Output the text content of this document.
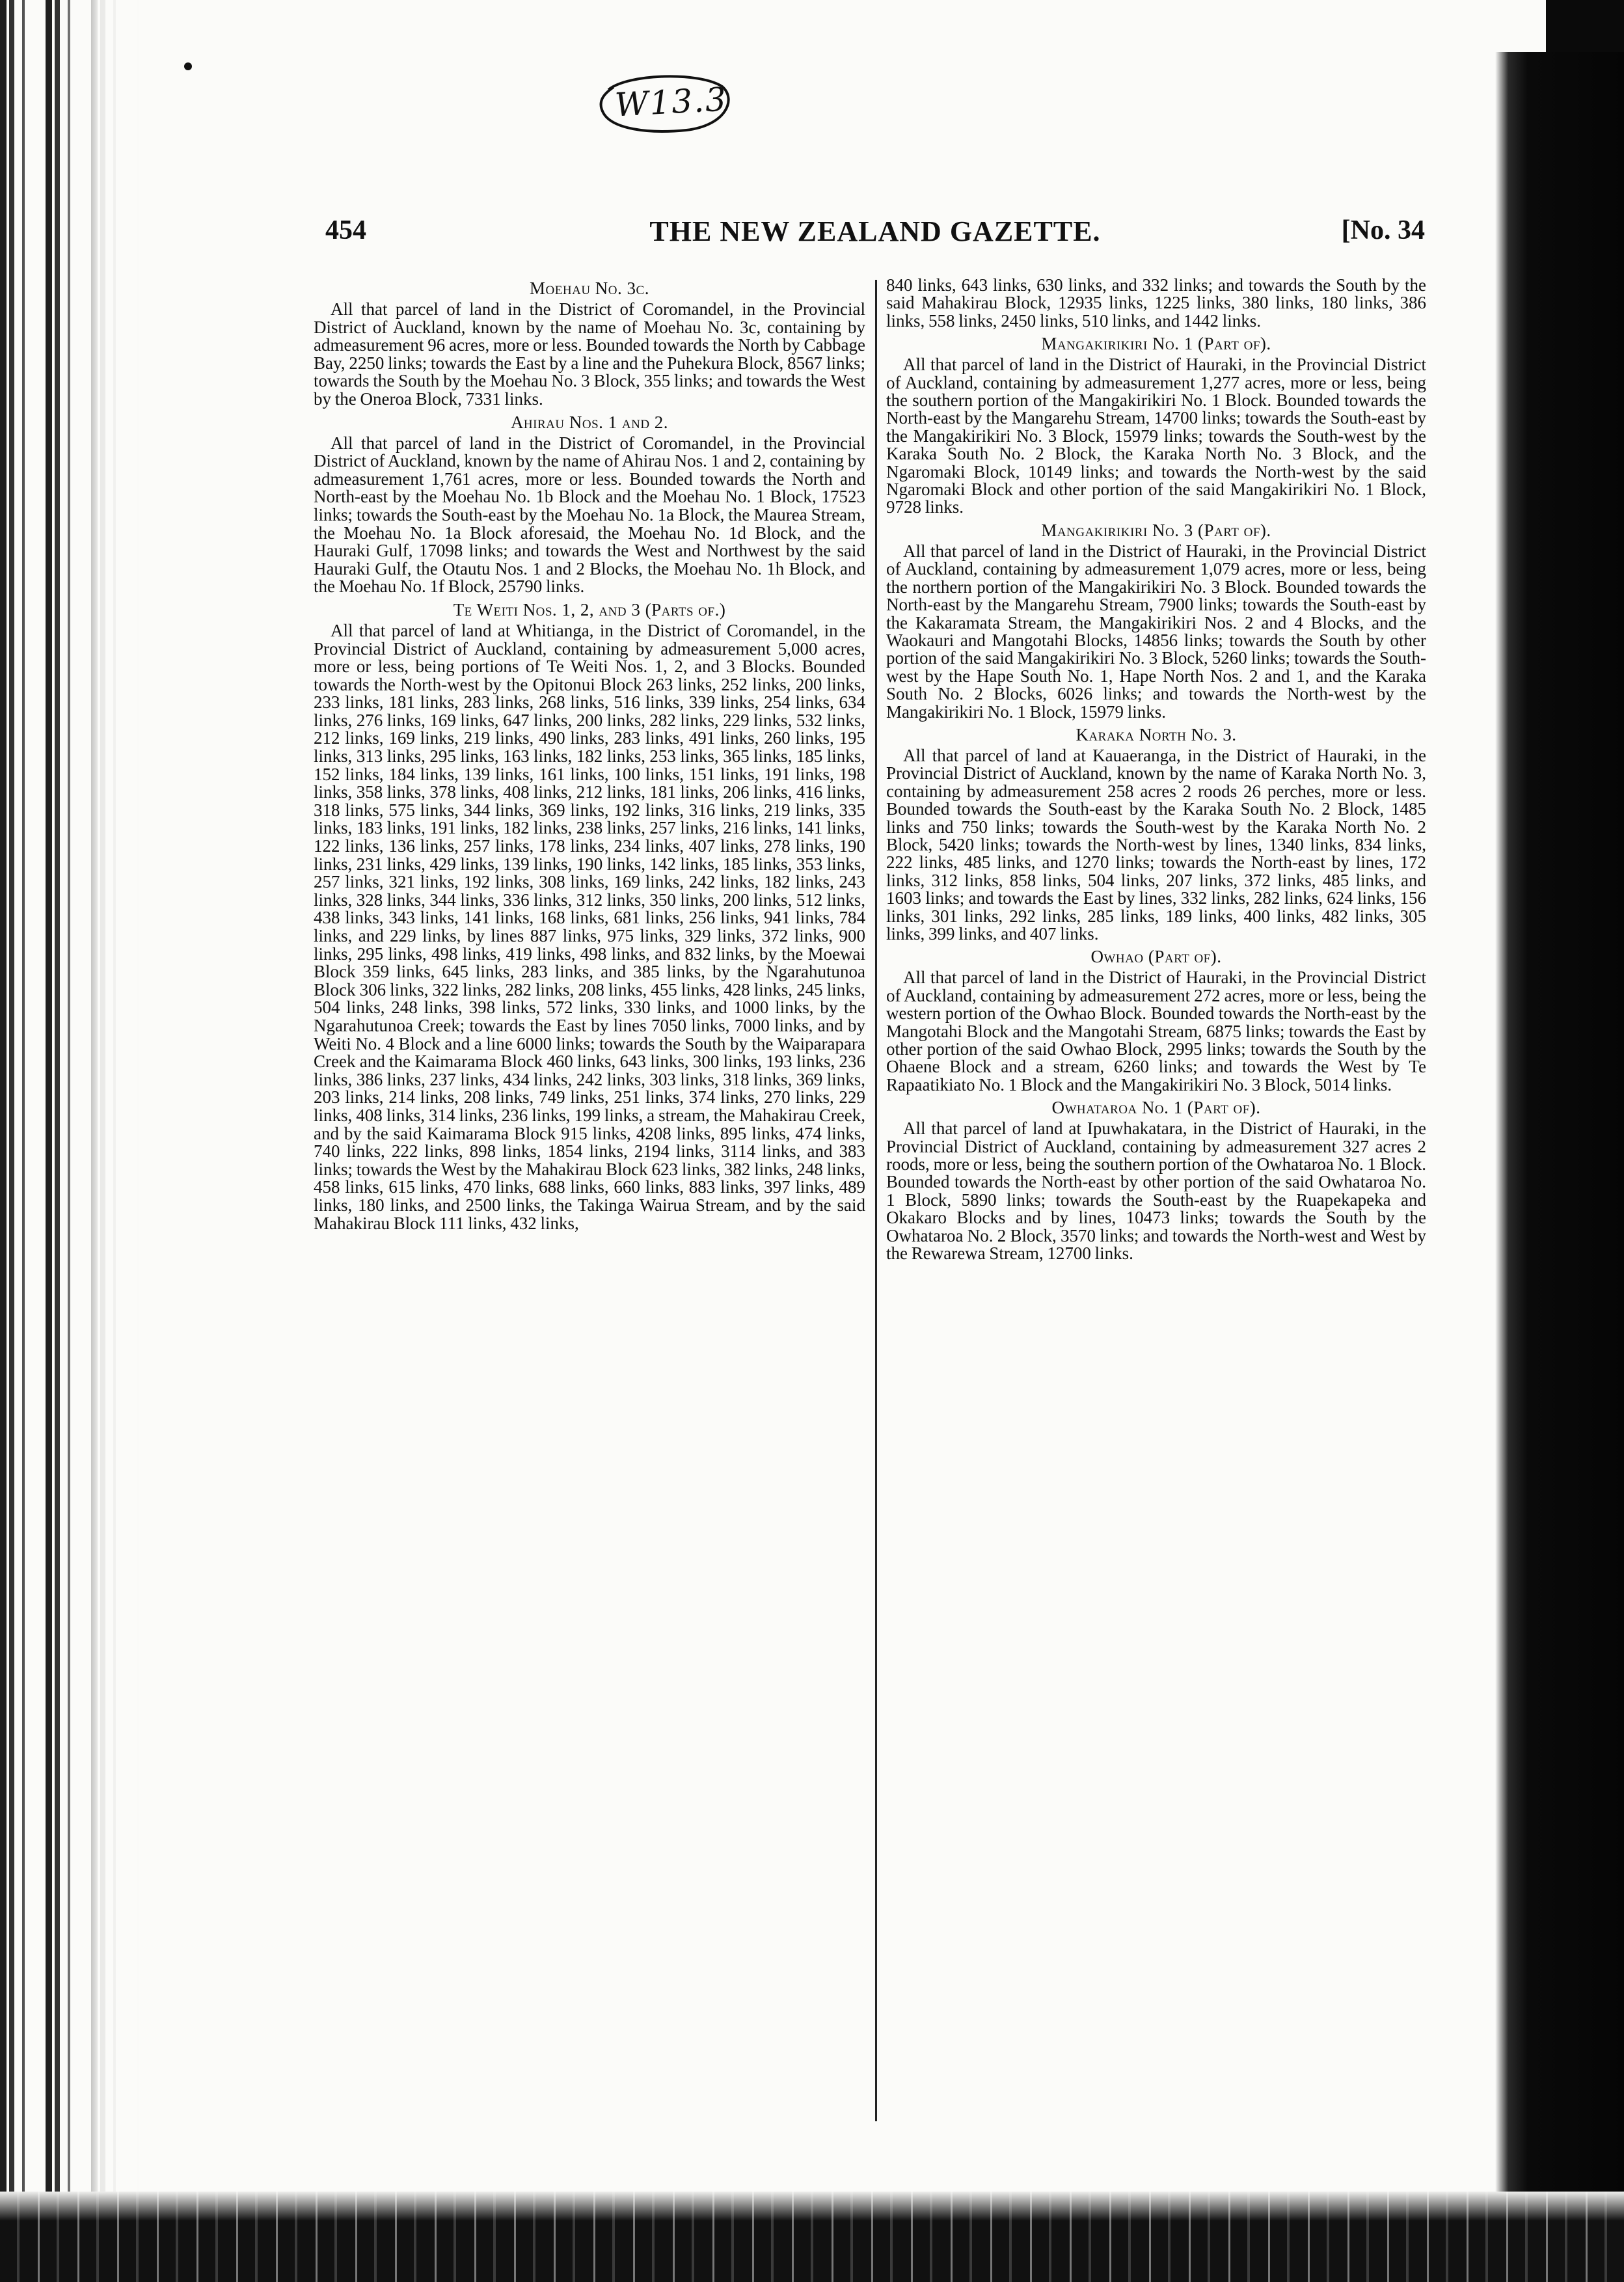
W13.3
THE NEW ZEALAND GAZETTE.
454	[No. 34
Moehau No. 3c.

All that parcel of land in the District of Coromandel, in the Provincial District of Auckland, known by the name of Moehau No. 3c, containing by admeasurement 96 acres, more or less. Bounded towards the North by Cabbage Bay, 2250 links; towards the East by a line and the Puhekura Block, 8567 links; towards the South by the Moehau No. 3 Block, 355 links; and towards the West by the Oneroa Block, 7331 links.

Ahirau Nos. 1 and 2.

All that parcel of land in the District of Coromandel, in the Provincial District of Auckland, known by the name of Ahirau Nos. 1 and 2, containing by admeasurement 1,761 acres, more or less. Bounded towards the North and North-east by the Moehau No. 1b Block and the Moehau No. 1 Block, 17523 links; towards the South-east by the Moehau No. 1a Block, the Maurea Stream, the Moehau No. 1a Block aforesaid, the Moehau No. 1d Block, and the Hauraki Gulf, 17098 links; and towards the West and Northwest by the said Hauraki Gulf, the Otautu Nos. 1 and 2 Blocks, the Moehau No. 1h Block, and the Moehau No. 1f Block, 25790 links.

Te Weiti Nos. 1, 2, and 3 (Parts of.)

All that parcel of land at Whitianga, in the District of Coromandel, in the Provincial District of Auckland, containing by admeasurement 5,000 acres, more or less, being portions of Te Weiti Nos. 1, 2, and 3 Blocks. Bounded towards the North-west by the Opitonui Block 263 links, 252 links, 200 links, 233 links, 181 links, 283 links, 268 links, 516 links, 339 links, 254 links, 634 links, 276 links, 169 links, 647 links, 200 links, 282 links, 229 links, 532 links, 212 links, 169 links, 219 links, 490 links, 283 links, 491 links, 260 links, 195 links, 313 links, 295 links, 163 links, 182 links, 253 links, 365 links, 185 links, 152 links, 184 links, 139 links, 161 links, 100 links, 151 links, 191 links, 198 links, 358 links, 378 links, 408 links, 212 links, 181 links, 206 links, 416 links, 318 links, 575 links, 344 links, 369 links, 192 links, 316 links, 219 links, 335 links, 183 links, 191 links, 182 links, 238 links, 257 links, 216 links, 141 links, 122 links, 136 links, 257 links, 178 links, 234 links, 407 links, 278 links, 190 links, 231 links, 429 links, 139 links, 190 links, 142 links, 185 links, 353 links, 257 links, 321 links, 192 links, 308 links, 169 links, 242 links, 182 links, 243 links, 328 links, 344 links, 336 links, 312 links, 350 links, 200 links, 512 links, 438 links, 343 links, 141 links, 168 links, 681 links, 256 links, 941 links, 784 links, and 229 links, by lines 887 links, 975 links, 329 links, 372 links, 900 links, 295 links, 498 links, 419 links, 498 links, and 832 links, by the Moewai Block 359 links, 645 links, 283 links, and 385 links, by the Ngarahutunoa Block 306 links, 322 links, 282 links, 208 links, 455 links, 428 links, 245 links, 504 links, 248 links, 398 links, 572 links, 330 links, and 1000 links, by the Ngarahutunoa Creek; towards the East by lines 7050 links, 7000 links, and by Weiti No. 4 Block and a line 6000 links; towards the South by the Waiparapara Creek and the Kaimarama Block 460 links, 643 links, 300 links, 193 links, 236 links, 386 links, 237 links, 434 links, 242 links, 303 links, 318 links, 369 links, 203 links, 214 links, 208 links, 749 links, 251 links, 374 links, 270 links, 229 links, 408 links, 314 links, 236 links, 199 links, a stream, the Mahakirau Creek, and by the said Kaimarama Block 915 links, 4208 links, 895 links, 474 links, 740 links, 222 links, 898 links, 1854 links, 2194 links, 3114 links, and 383 links; towards the West by the Mahakirau Block 623 links, 382 links, 248 links, 458 links, 615 links, 470 links, 688 links, 660 links, 883 links, 397 links, 489 links, 180 links, and 2500 links, the Takinga Wairua Stream, and by the said Mahakirau Block 111 links, 432 links,

840 links, 643 links, 630 links, and 332 links; and towards the South by the said Mahakirau Block, 12935 links, 1225 links, 380 links, 180 links, 386 links, 558 links, 2450 links, 510 links, and 1442 links.

Mangakirikiri No. 1 (Part of).

All that parcel of land in the District of Hauraki, in the Provincial District of Auckland, containing by admeasurement 1,277 acres, more or less, being the southern portion of the Mangakirikiri No. 1 Block. Bounded towards the North-east by the Mangarehu Stream, 14700 links; towards the South-east by the Mangakirikiri No. 3 Block, 15979 links; towards the South-west by the Karaka South No. 2 Block, the Karaka North No. 3 Block, and the Ngaromaki Block, 10149 links; and towards the North-west by the said Ngaromaki Block and other portion of the said Mangakirikiri No. 1 Block, 9728 links.

Mangakirikiri No. 3 (Part of).

All that parcel of land in the District of Hauraki, in the Provincial District of Auckland, containing by admeasurement 1,079 acres, more or less, being the northern portion of the Mangakirikiri No. 3 Block. Bounded towards the North-east by the Mangarehu Stream, 7900 links; towards the South-east by the Kakaramata Stream, the Mangakirikiri Nos. 2 and 4 Blocks, and the Waokauri and Mangotahi Blocks, 14856 links; towards the South by other portion of the said Mangakirikiri No. 3 Block, 5260 links; towards the South-west by the Hape South No. 1, Hape North Nos. 2 and 1, and the Karaka South No. 2 Blocks, 6026 links; and towards the North-west by the Mangakirikiri No. 1 Block, 15979 links.

Karaka North No. 3.

All that parcel of land at Kauaeranga, in the District of Hauraki, in the Provincial District of Auckland, known by the name of Karaka North No. 3, containing by admeasurement 258 acres 2 roods 26 perches, more or less. Bounded towards the South-east by the Karaka South No. 2 Block, 1485 links and 750 links; towards the South-west by the Karaka North No. 2 Block, 5420 links; towards the North-west by lines, 1340 links, 834 links, 222 links, 485 links, and 1270 links; towards the North-east by lines, 172 links, 312 links, 858 links, 504 links, 207 links, 372 links, 485 links, and 1603 links; and towards the East by lines, 332 links, 282 links, 624 links, 156 links, 301 links, 292 links, 285 links, 189 links, 400 links, 482 links, 305 links, 399 links, and 407 links.

Owhao (Part of).

All that parcel of land in the District of Hauraki, in the Provincial District of Auckland, containing by admeasurement 272 acres, more or less, being the western portion of the Owhao Block. Bounded towards the North-east by the Mangotahi Block and the Mangotahi Stream, 6875 links; towards the East by other portion of the said Owhao Block, 2995 links; towards the South by the Ohaene Block and a stream, 6260 links; and towards the West by Te Rapaatikiato No. 1 Block and the Mangakirikiri No. 3 Block, 5014 links.

Owhataroa No. 1 (Part of).

All that parcel of land at Ipuwhakatara, in the District of Hauraki, in the Provincial District of Auckland, containing by admeasurement 327 acres 2 roods, more or less, being the southern portion of the Owhataroa No. 1 Block. Bounded towards the North-east by other portion of the said Owhataroa No. 1 Block, 5890 links; towards the South-east by the Ruapekapeka and Okakaro Blocks and by lines, 10473 links; towards the South by the Owhataroa No. 2 Block, 3570 links; and towards the North-west and West by the Rewarewa Stream, 12700 links.
